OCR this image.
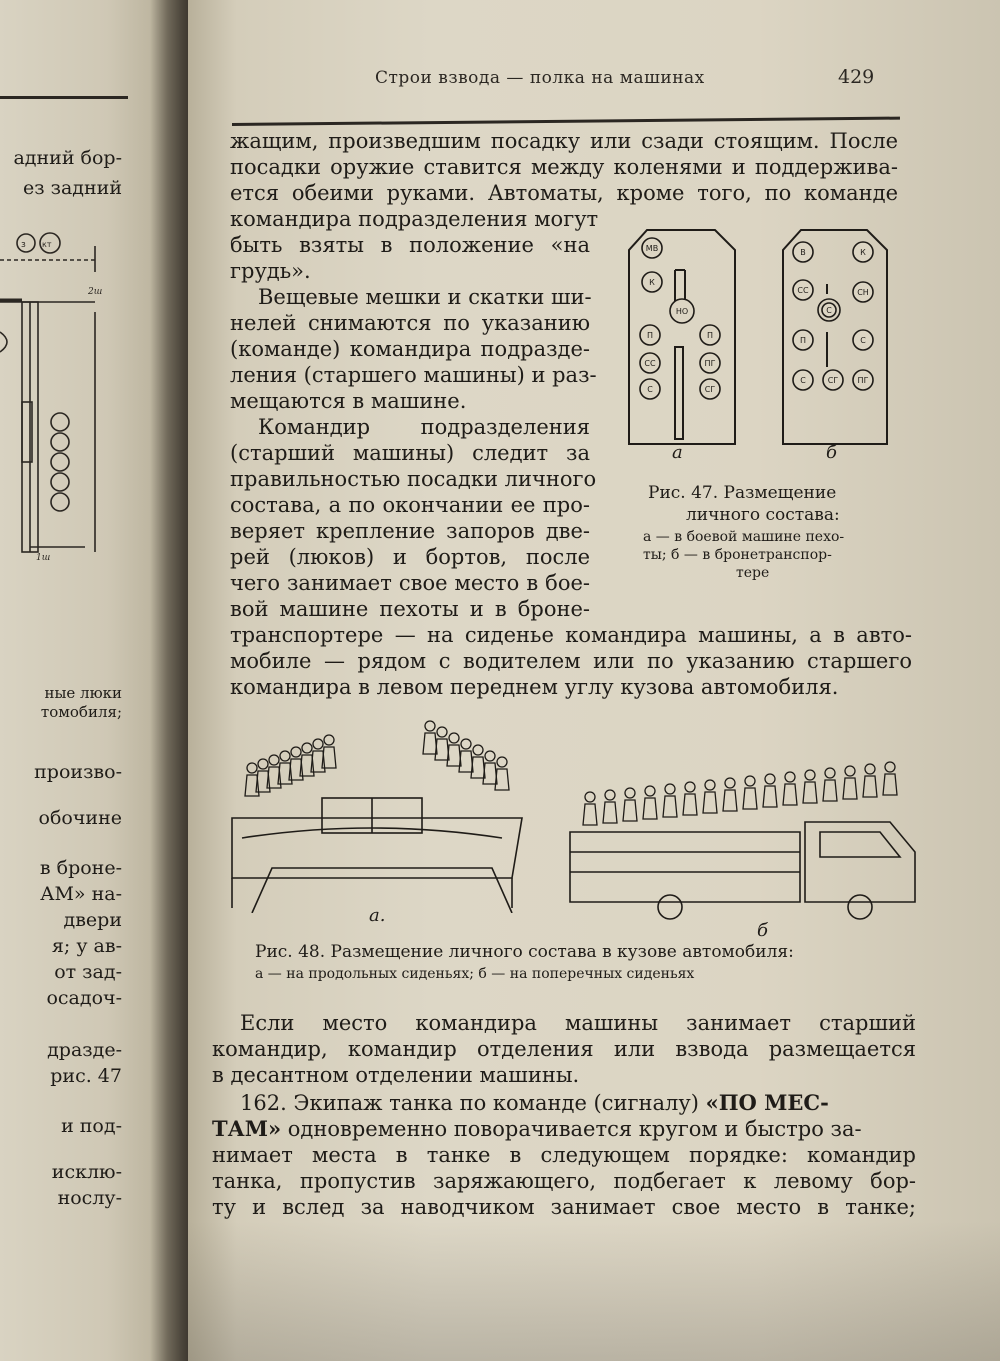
адний бор-
ез задний
з кт
2ш
1ш
ные люки
томобиля;
произво-
обочине
в броне-
АМ» на-
двери
я; у ав-
от зад-
осадоч-
дразде-
рис. 47
и под-
исклю-
нослу-
Строи взвода — полка на машинах	429
жащим, произведшим посадку или сзади стоящим. После
посадки оружие ставится между коленями и поддержива-
ется обеими руками. Автоматы, кроме того, по команде
командира подразделения могут
быть взяты в положение «на
грудь».
Вещевые мешки и скатки ши-
нелей снимаются по указанию
(команде) командира подразде-
ления (старшего машины) и раз-
мещаются в машине.
Командир подразделения
(старший машины) следит за
правильностью посадки личного
состава, а по окончании ее про-
веряет крепление запоров две-
рей (люков) и бортов, после
чего занимает свое место в бое-
вой машине пехоты и в броне-
МВ
К
НО
П	П
СС	ПГ
С	СГ
В	К
СС
С
СН
П	С
С	СГ ПГ
а	б
Рис. 47. Размещение
личного состава:
а — в боевой машине пехо-
ты; б — в бронетранспор-
тере
транспортере — на сиденье командира машины, а в авто-
мобиле — рядом с водителем или по указанию старшего
командира в левом переднем углу кузова автомобиля.
а.
б
Рис. 48. Размещение личного состава в кузове автомобиля:
а — на продольных сиденьях; б — на поперечных сиденьях
Если место командира машины занимает старший
командир, командир отделения или взвода размещается
в десантном отделении машины.
162. Экипаж танка по команде (сигналу) «ПО МЕС-
ТАМ» одновременно поворачивается кругом и быстро за-
нимает места в танке в следующем порядке: командир
танка, пропустив заряжающего, подбегает к левому бор-
ту и вслед за наводчиком занимает свое место в танке;
